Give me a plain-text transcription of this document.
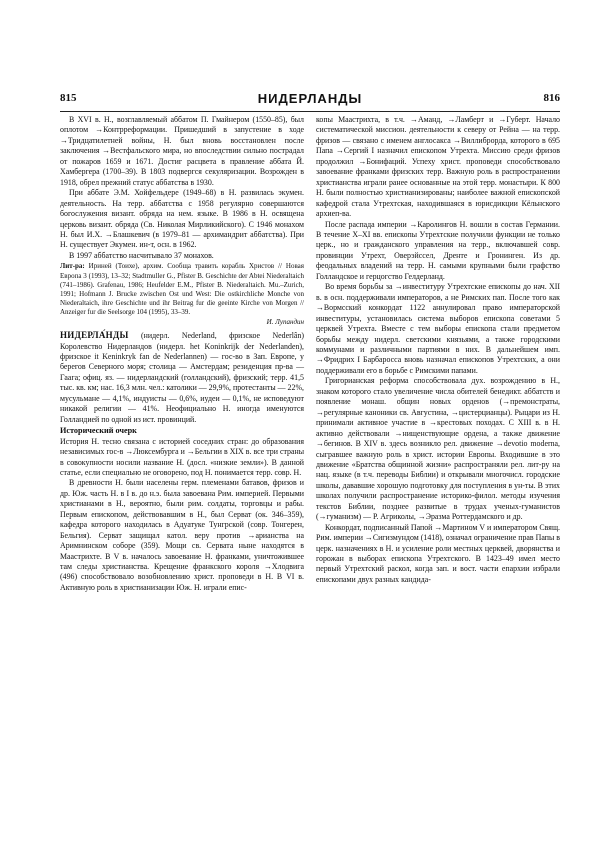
815	НИДЕРЛАНДЫ	816

В XVI в. Н., возглавляемый аббатом П. Гмайнером (1550–85), был оплотом →Контрреформации. Пришедший в запустение в ходе →Тридцатилетней войны, Н. был вновь восстановлен после заключения →Вестфальского мира, но впоследствии сильно пострадал от пожаров 1659 и 1671. Достиг расцвета в правление аббата Й. Хамбергера (1700–39). В 1803 подвергся секуляризации. Возрожден в 1918, обрел прежний статус аббатства в 1930.

При аббате Э.М. Хойфельдере (1949–68) в Н. развилась экумен. деятельность. На терр. аббатства с 1958 регулярно совершаются богослужения визант. обряда на нем. языке. В 1986 в Н. освящена церковь визант. обряда (Св. Николая Мирликийского). С 1946 монахом Н. был И.Х. →Блашкевич (в 1979–81 — архимандрит аббатства). При Н. существует Экумен. ин-т, осн. в 1962.

В 1997 аббатство насчитывало 37 монахов.

Лит-ра: Ириней (Тоихе), архим. Сообща травить корабль Христов // Новая Европа 3 (1993), 13–32; Stadtmuller G., Pfister B. Geschichte der Abtei Niederaltaich (741–1986). Grafenau, 1986; Heufelder E.M., Pfister B. Niederaltaich. Mu.–Zurich, 1991; Hofmann J. Brucke zwischen Ost und West: Die ostkirchliche Monche von Niederaltaich, ihre Geschichte und ihr Beitrag fur die geeinte Kirche von Morgen // Anzeiger fur die Seelsorge 104 (1995), 33–39.

И. Лупандин

НИДЕРЛА́НДЫ (нидерл. Nederland, фризское Nederlân) Королевство Нидерландов (нидерл. het Koninkrijk der Nederlanden), фризское it Keninkryk fan de Nederlannen) — гос-во в Зап. Европе, у берегов Северного моря; столица — Амстердам; резиденция пр-ва — Гаага; офиц. яз. — нидерландский (голландский), фризский; терр. 41,5 тыс. кв. км; нас. 16,3 млн. чел.: католики — 29,9%, протестанты — 22%, мусульмане — 4,1%, индуисты — 0,6%, иудеи — 0,1%, не исповедуют никакой религии — 41%. Неофициально Н. иногда именуются Голландией по одной из ист. провинций.

Исторический очерк

История Н. тесно связана с историей соседних стран: до образования независимых гос-в →Люксембурга и →Бельгии в XIX в. все три страны в совокупности носили название Н. (досл. «низкие земли»). В данной статье, если специально не оговорено, под Н. понимается терр. совр. Н.

В древности Н. были населены герм. племенами батавов, фризов и др. Юж. часть Н. в I в. до н.э. была завоевана Рим. империей. Первыми христианами в Н., вероятно, были рим. солдаты, торговцы и рабы. Первым епископом, действовавшим в Н., был Серват (ок. 346–359), кафедра которого находилась в Адуатуке Тунгрской (совр. Тонгерен, Бельгия). Серват защищал катол. веру против →арианства на Аримнинском соборе (359). Мощи св. Сервата ныне находятся в Маастрихте. В V в. началось завоевание Н. франками, уничтожившее там следы христианства. Крещение франкского короля →Хлодвига (496) способствовало возобновлению христ. проповеди в Н. В VI в. Активную роль в христианизации Юж. Н. играли епис-

копы Маастрихта, в т.ч. →Аманд, →Ламберт и →Губерт. Начало систематической миссион. деятельности к северу от Рейна — на терр. фризов — связано с именем англосакса →Виллиброрда, которого в 695 Папа →Сергий I назначил епископом Утрехта. Миссию среди фризов продолжил →Бонифаций. Успеху христ. проповеди способствовало завоевание франками фризских терр. Важную роль в распространении христианства играли ранее основанные на этой терр. монастыри. К 800 Н. были полностью христианизированы; наиболее важной епископской кафедрой стала Утрехтская, находившаяся в юрисдикции Кёльнского архиеп-ва.

После распада империи →Каролингов Н. вошли в состав Германии. В течение X–XI вв. епископы Утрехтские получили функции не только церк., но и гражданского управления на терр., включавшей совр. провинции Утрехт, Оверэйссел, Дренте и Гронинген. Из др. феодальных владений на терр. Н. самыми крупными были графство Голландское и герцогство Гелдерланд.

Во время борьбы за →инвеституру Утрехтские епископы до нач. XII в. в осн. поддерживали императоров, а не Римских пап. После того как →Вормсский конкордат 1122 аннулировал право императорской инвеституры, установилась система выборов епископа советами 5 церквей Утрехта. Вместе с тем выборы епископа стали предметом борьбы между нидерл. светскими князьями, а также городскими коммунами и различными партиями в них. В дальнейшем имп. →Фридрих I Барбаросса вновь назначал епископов Утрехтских, а они поддерживали его в борьбе с Римскими папами.

Григорианская реформа способствовала дух. возрождению в Н., знаком которого стало увеличение числа обителей бенедикт. аббатств и появление монаш. общин новых орденов (→премонстраты, →регулярные каноники св. Августина, →цистерцианцы). Рыцари из Н. принимали активное участие в →крестовых походах. С XIII в. в Н. активно действовали →нищенствующие ордена, а также движение →бегинов. В XIV в. здесь возникло рел. движение →devotio moderna, сыгравшее важную роль в христ. истории Европы. Входившие в это движение «Братства общинной жизни» распространяли рел. лит-ру на нац. языке (в т.ч. переводы Библии) и открывали многочисл. городские школы, дававшие хорошую подготовку для поступления в ун-ты. В этих школах получили распространение историко-филол. методы изучения текстов Библии, позднее развитые в трудах ученых-гуманистов (→гуманизм) — Р. Агриколы, →Эразма Роттердамского и др.

Конкордат, подписанный Папой →Мартином V и императором Свящ. Рим. империи →Сигизмундом (1418), означал ограничение прав Папы в церк. назначениях в Н. и усиление роли местных церквей, дворянства и горожан в выборах епископа Утрехтского. В 1423–49 имел место первый Утрехтский раскол, когда зап. и вост. части епархии избрали епископами двух разных кандида-
